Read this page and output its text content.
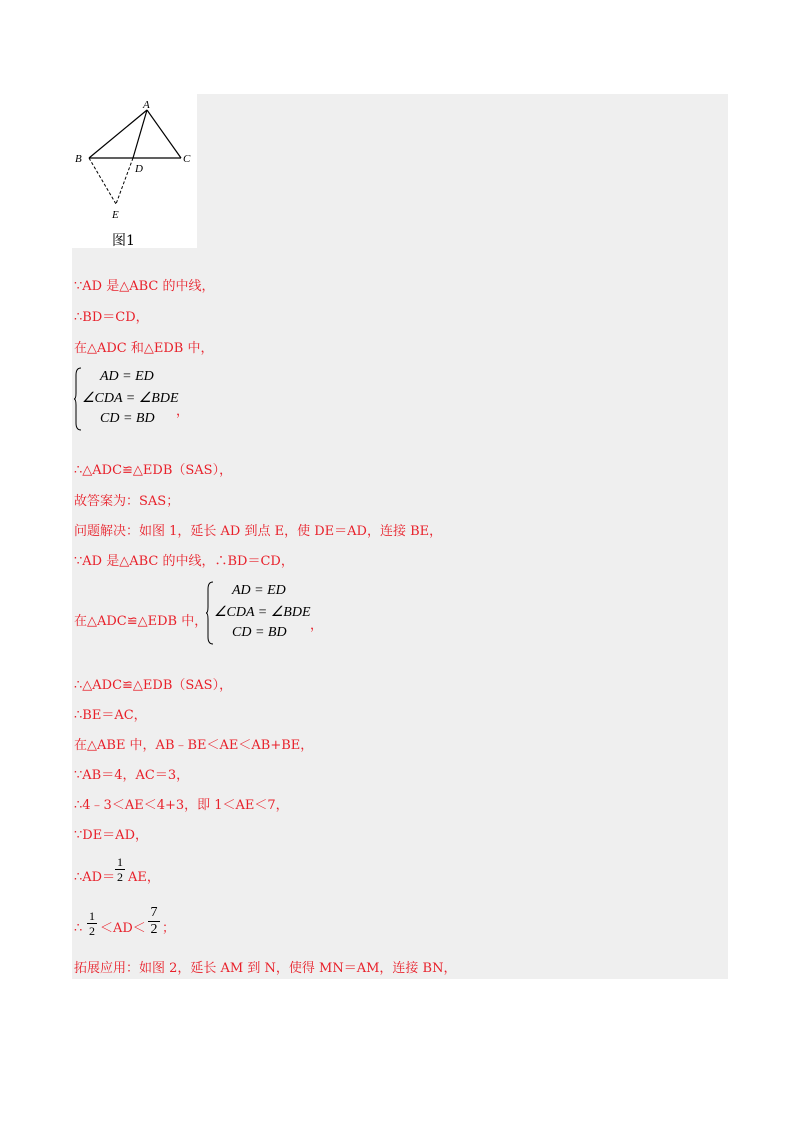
A
B	C
D
E
图1
∵AD 是△ABC 的中线，
∴BD＝CD，
在△ADC 和△EDB 中，
AD = ED
∠CDA = ∠BDE
CD = BD ，
∴△ADC≌△EDB（SAS），
故答案为：SAS；
问题解决：如图 1，延长 AD 到点 E，使 DE＝AD，连接 BE，
∵AD 是△ABC 的中线，∴BD＝CD，
在△ADC≌△EDB 中，
AD = ED
∠CDA = ∠BDE
CD = BD ，
∴△ADC≌△EDB（SAS），
∴BE＝AC，
在△ABE 中，AB﹣BE＜AE＜AB+BE，
∵AB＝4，AC＝3，
∴4﹣3＜AE＜4+3，即 1＜AE＜7，
∵DE＝AD，
∴AD＝
1
2 AE，
∴
1
2 ＜AD＜
7
2 ；
拓展应用：如图 2，延长 AM 到 N，使得 MN＝AM，连接 BN，
